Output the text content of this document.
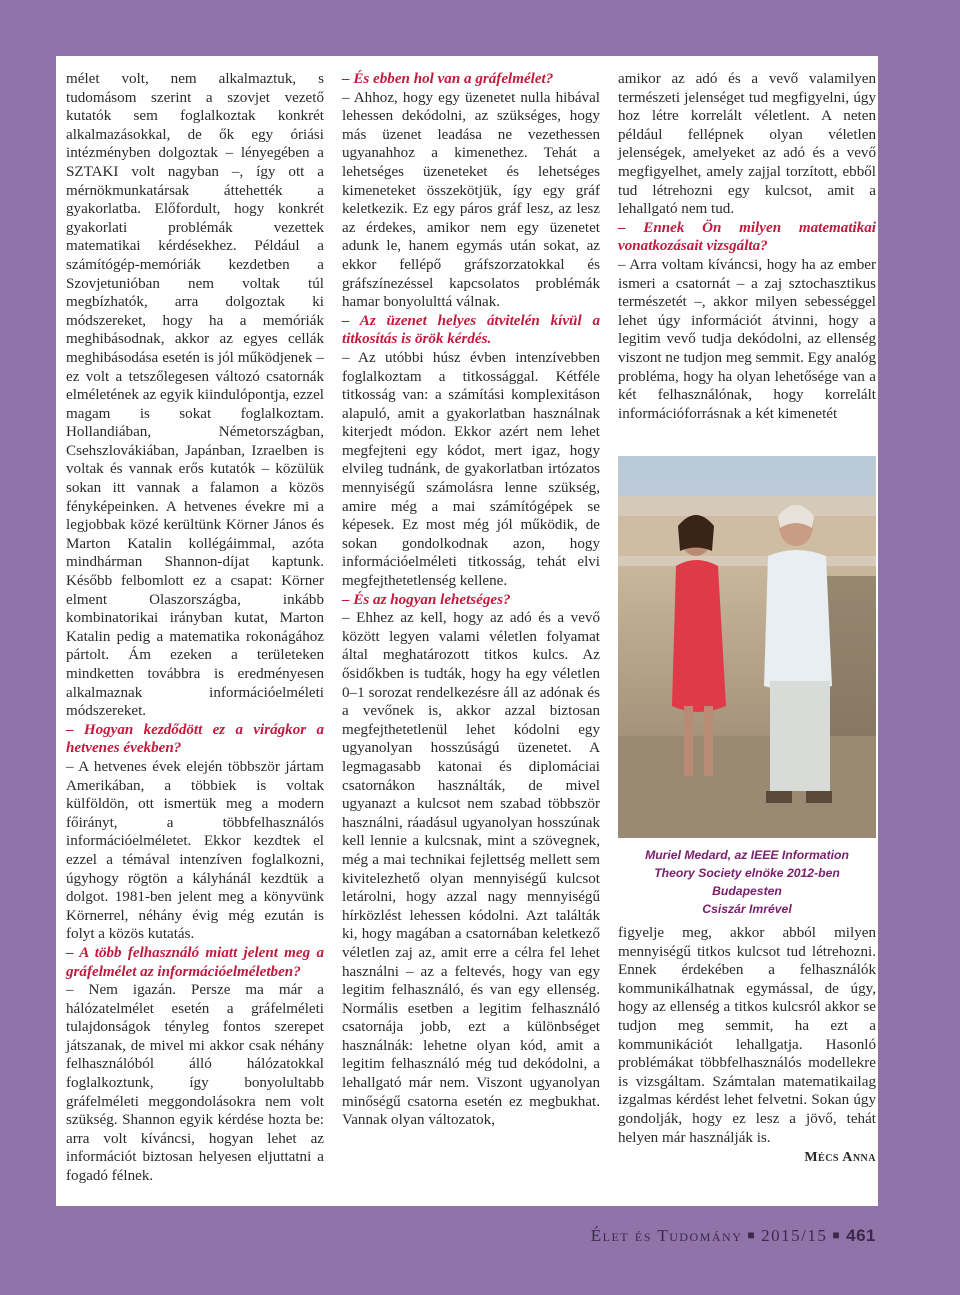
Élet és Tudomány ■ 2015/15 ■ 461

mélet volt, nem alkalmaztuk, s tudomásom szerint a szovjet vezető kutatók sem foglalkoztak konkrét alkalmazásokkal, de ők egy óriási intézményben dolgoztak – lényegében a SZTAKI volt nagyban –, így ott a mérnökmunkatársak áttehették a gyakorlatba. Előfordult, hogy konkrét gyakorlati problémák vezettek matematikai kérdésekhez. Például a számítógép-memóriák kezdetben a Szovjetunióban nem voltak túl megbízhatók, arra dolgoztak ki módszereket, hogy ha a memóriák meghibásodnak, akkor az egyes cellák meghibásodása esetén is jól működjenek – ez volt a tetszőlegesen változó csatornák elméletének az egyik kiindulópontja, ezzel magam is sokat foglalkoztam. Hollandiában, Németországban, Csehszlovákiában, Japánban, Izraelben is voltak és vannak erős kutatók – közülük sokan itt vannak a falamon a közös fényképeinken. A hetvenes évekre mi a legjobbak közé kerültünk Körner János és Marton Katalin kollégáimmal, azóta mindhárman Shannon-díjat kaptunk. Később felbomlott ez a csapat: Körner elment Olaszországba, inkább kombinatorikai irányban kutat, Marton Katalin pedig a matematika rokonágához pártolt. Ám ezeken a területeken mindketten továbbra is eredményesen alkalmaznak információelméleti módszereket.

– Hogyan kezdődött ez a virágkor a hetvenes években?

– A hetvenes évek elején többször jártam Amerikában, a többiek is voltak külföldön, ott ismertük meg a modern főirányt, a többfelhasználós információelméletet. Ekkor kezdtek el ezzel a témával intenzíven foglalkozni, úgyhogy rögtön a kályhánál kezdtük a dolgot. 1981-ben jelent meg a könyvünk Körnerrel, néhány évig még ezután is folyt a közös kutatás.

– A több felhasználó miatt jelent meg a gráfelmélet az információelméletben?

– Nem igazán. Persze ma már a hálózatelmélet esetén a gráfelméleti tulajdonságok tényleg fontos szerepet játszanak, de mivel mi akkor csak néhány felhasználóból álló hálózatokkal foglalkoztunk, így bonyolultabb gráfelméleti meggondolásokra nem volt szükség. Shannon egyik kérdése hozta be: arra volt kíváncsi, hogyan lehet az információt biztosan helyesen eljuttatni a fogadó félnek.

– És ebben hol van a gráfelmélet?

– Ahhoz, hogy egy üzenetet nulla hibával lehessen dekódolni, az szükséges, hogy más üzenet leadása ne vezethessen ugyanahhoz a kimenethez. Tehát a lehetséges üzeneteket és lehetséges kimeneteket összekötjük, így egy gráf keletkezik. Ez egy páros gráf lesz, az lesz az érdekes, amikor nem egy üzenetet adunk le, hanem egymás után sokat, az ekkor fellépő gráfszorzatokkal és gráfszínezéssel kapcsolatos problémák hamar bonyolulttá válnak.

– Az üzenet helyes átvitelén kívül a titkosítás is örök kérdés.

– Az utóbbi húsz évben intenzívebben foglalkoztam a titkossággal. Kétféle titkosság van: a számítási komplexitáson alapuló, amit a gyakorlatban használnak kiterjedt módon. Ekkor azért nem lehet megfejteni egy kódot, mert igaz, hogy elvileg tudnánk, de gyakorlatban irtózatos mennyiségű számolásra lenne szükség, amire még a mai számítógépek se képesek. Ez most még jól működik, de sokan gondolkodnak azon, hogy információelméleti titkosság, tehát elvi megfejthetetlenség kellene.

– És az hogyan lehetséges?

– Ehhez az kell, hogy az adó és a vevő között legyen valami véletlen folyamat által meghatározott titkos kulcs. Az ősidőkben is tudták, hogy ha egy véletlen 0–1 sorozat rendelkezésre áll az adónak és a vevőnek is, akkor azzal biztosan megfejthetetlenül lehet kódolni egy ugyanolyan hosszúságú üzenetet. A legmagasabb katonai és diplomáciai csatornákon használták, de mivel ugyanazt a kulcsot nem szabad többször használni, ráadásul ugyanolyan hosszúnak kell lennie a kulcsnak, mint a szövegnek, még a mai technikai fejlettség mellett sem kivitelezhető olyan mennyiségű kulcsot letárolni, hogy azzal nagy mennyiségű hírközlést lehessen kódolni. Azt találták ki, hogy magában a csatornában keletkező véletlen zaj az, amit erre a célra fel lehet használni – az a feltevés, hogy van egy legitim felhasználó, és van egy ellenség. Normális esetben a legitim felhasználó csatornája jobb, ezt a különbséget használnák: lehetne olyan kód, amit a legitim felhasználó még tud dekódolni, a lehallgató már nem. Viszont ugyanolyan minőségű csatorna esetén ez megbukhat. Vannak olyan változatok,

amikor az adó és a vevő valamilyen természeti jelenséget tud megfigyelni, úgy hoz létre korrelált véletlent. A neten például fellépnek olyan véletlen jelenségek, amelyeket az adó és a vevő megfigyelhet, amely zajjal torzított, ebből tud létrehozni egy kulcsot, amit a lehallgató nem tud.

– Ennek Ön milyen matematikai vonatkozásait vizsgálta?

– Arra voltam kíváncsi, hogy ha az ember ismeri a csatornát – a zaj sztochasztikus természetét –, akkor milyen sebességgel lehet úgy információt átvinni, hogy a legitim vevő tudja dekódolni, az ellenség viszont ne tudjon meg semmit. Egy analóg probléma, hogy ha olyan lehetősége van a két felhasználónak, hogy korrelált információforrásnak a két kimenetét

Muriel Medard, az IEEE Information
Theory Society elnöke 2012-ben Budapesten
Csiszár Imrével

figyelje meg, akkor abból milyen mennyiségű titkos kulcsot tud létrehozni. Ennek érdekében a felhasználók kommunikálhatnak egymással, de úgy, hogy az ellenség a titkos kulcsról akkor se tudjon meg semmit, ha ezt a kommunikációt lehallgatja. Hasonló problémákat többfelhasználós modellekre is vizsgáltam. Számtalan matematikailag izgalmas kérdést lehet felvetni. Sokan úgy gondolják, hogy ez lesz a jövő, tehát helyen már használják is.

Mécs Anna
